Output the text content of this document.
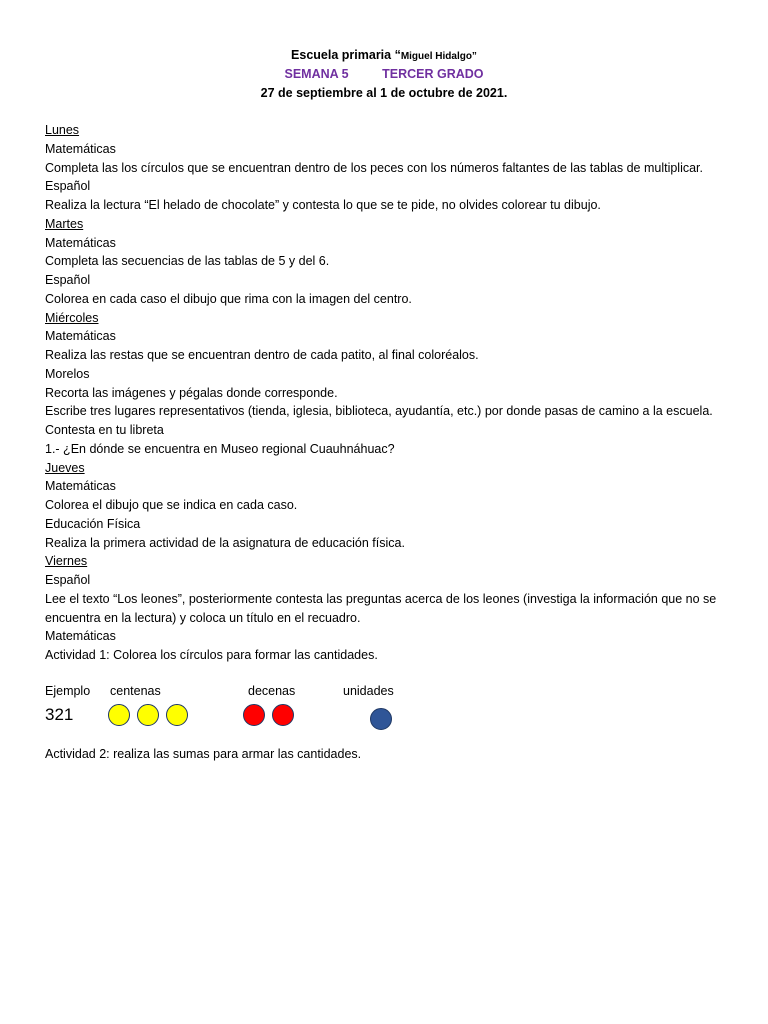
Escuela primaria “Miguel Hidalgo”
SEMANA 5	TERCER GRADO
27 de septiembre al 1 de octubre de 2021.
Lunes
Matemáticas
Completa las los círculos que se encuentran dentro de los peces con los números faltantes de las tablas de multiplicar.
Español
Realiza la lectura “El helado de chocolate” y contesta lo que se te pide, no olvides colorear tu dibujo.
Martes
Matemáticas
Completa las secuencias de las tablas de 5 y del 6.
Español
Colorea en cada caso el dibujo que rima con la imagen del centro.
Miércoles
Matemáticas
Realiza las restas que se encuentran dentro de cada patito, al final coloréalos.
Morelos
Recorta las imágenes y pégalas donde corresponde.
Escribe tres lugares representativos (tienda, iglesia, biblioteca, ayudantía, etc.) por donde pasas de camino a la escuela.
Contesta en tu libreta
1.- ¿En dónde se encuentra en Museo regional Cuauhnáhuac?
Jueves
Matemáticas
Colorea el dibujo que se indica en cada caso.
Educación Física
Realiza la primera actividad de la asignatura de educación física.
Viernes
Español
Lee el texto “Los leones”, posteriormente contesta las preguntas acerca de los leones (investiga la información que no se encuentra en la lectura) y coloca un título en el recuadro.
Matemáticas
Actividad 1: Colorea los círculos para formar las cantidades.
Ejemplo centenas	decenas	unidades
321
Actividad 2: realiza las sumas para armar las cantidades.
